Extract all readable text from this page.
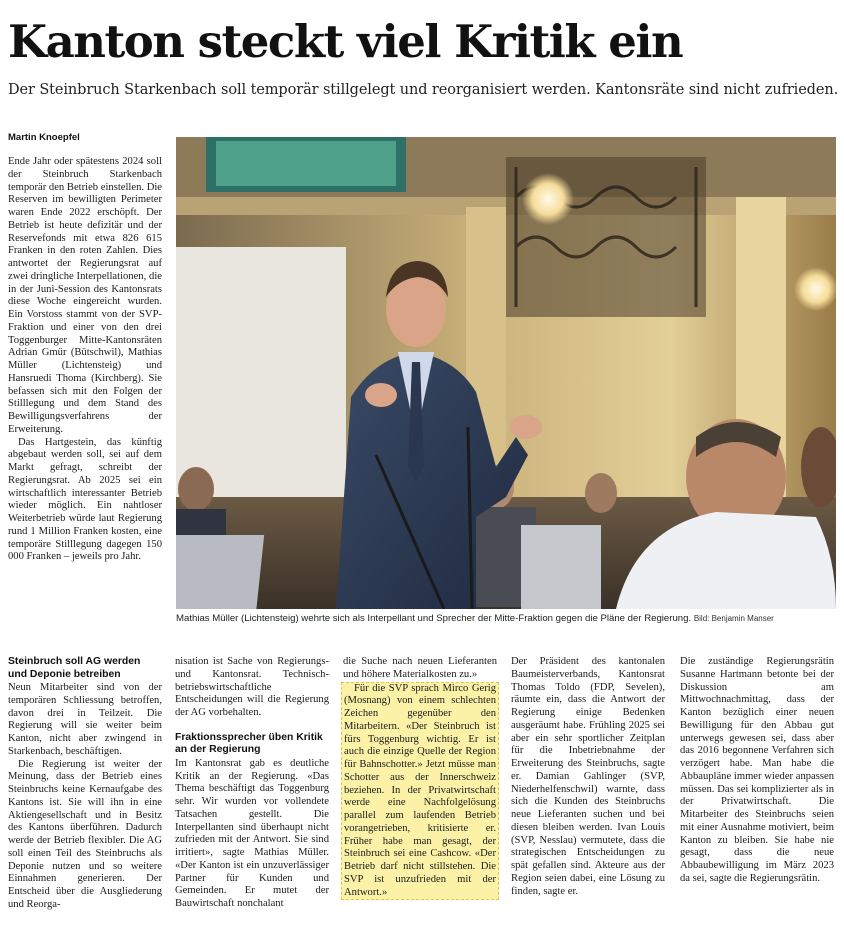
Kanton steckt viel Kritik ein

Der Steinbruch Starkenbach soll temporär stillgelegt und reorganisiert werden. Kantonsräte sind nicht zufrieden.

Martin Knoepfel

Ende Jahr oder spätestens 2024 soll der Steinbruch Starkenbach temporär den Betrieb einstellen. Die Reserven im bewilligten Perimeter waren Ende 2022 erschöpft. Der Betrieb ist heute defizitär und der Reservefonds mit etwa 826 615 Franken in den roten Zahlen. Dies antwortet der Regierungsrat auf zwei dringliche Interpellationen, die in der Juni-Session des Kantonsrats diese Woche eingereicht wurden. Ein Vorstoss stammt von der SVP-Fraktion und einer von den drei Toggenburger Mitte-Kantonsräten Adrian Gmür (Bütschwil), Mathias Müller (Lichtensteig) und Hansruedi Thoma (Kirchberg). Sie befassen sich mit den Folgen der Stilllegung und dem Stand des Bewilligungsverfahrens der Erweiterung.

Das Hartgestein, das künftig abgebaut werden soll, sei auf dem Markt gefragt, schreibt der Regierungsrat. Ab 2025 sei ein wirtschaftlich interessanter Betrieb wieder möglich. Ein nahtloser Weiterbetrieb würde laut Regierung rund 1 Million Franken kosten, eine temporäre Stilllegung dagegen 150 000 Franken – jeweils pro Jahr.

Steinbruch soll AG werden und Deponie betreiben

Neun Mitarbeiter sind von der temporären Schliessung betroffen, davon drei in Teilzeit. Die Regierung will sie weiter beim Kanton, nicht aber zwingend in Starkenbach, beschäftigen.

Die Regierung ist weiter der Meinung, dass der Betrieb eines Steinbruchs keine Kernaufgabe des Kantons ist. Sie will ihn in eine Aktiengesellschaft und in Besitz des Kantons überführen. Dadurch werde der Betrieb flexibler. Die AG soll einen Teil des Steinbruchs als Deponie nutzen und so weitere Einnahmen generieren. Der Entscheid über die Ausgliederung und Reorga-

nisation ist Sache von Regierungs- und Kantonsrat. Technisch-betriebswirtschaftliche Entscheidungen will die Regierung der AG vorbehalten.

Fraktionssprecher üben Kritik an der Regierung

Im Kantonsrat gab es deutliche Kritik an der Regierung. «Das Thema beschäftigt das Toggenburg sehr. Wir wurden vor vollendete Tatsachen gestellt. Die Interpellanten sind überhaupt nicht zufrieden mit der Antwort. Sie sind irritiert», sagte Mathias Müller. «Der Kanton ist ein unzuverlässiger Partner für Kunden und Gemeinden. Er mutet der Bauwirtschaft nonchalant

die Suche nach neuen Lieferanten und höhere Materialkosten zu.»

Für die SVP sprach Mirco Gerig (Mosnang) von einem schlechten Zeichen gegenüber den Mitarbeitern. «Der Steinbruch ist fürs Toggenburg wichtig. Er ist auch die einzige Quelle der Region für Bahnschotter.» Jetzt müsse man Schotter aus der Innerschweiz beziehen. In der Privatwirtschaft werde eine Nachfolgelösung parallel zum laufenden Betrieb vorangetrieben, kritisierte er. Früher habe man gesagt, der Steinbruch sei eine Cashcow. «Der Betrieb darf nicht stillstehen. Die SVP ist unzufrieden mit der Antwort.»

Der Präsident des kantonalen Baumeisterverbands, Kantonsrat Thomas Toldo (FDP, Sevelen), räumte ein, dass die Antwort der Regierung einige Bedenken ausgeräumt habe. Frühling 2025 sei aber ein sehr sportlicher Zeitplan für die Inbetriebnahme der Erweiterung des Steinbruchs, sagte er. Damian Gahlinger (SVP, Niederhelfenschwil) warnte, dass sich die Kunden des Steinbruchs neue Lieferanten suchen und bei diesen bleiben werden. Ivan Louis (SVP, Nesslau) vermutete, dass die strategischen Entscheidungen zu spät gefallen sind. Akteure aus der Region seien dabei, eine Lösung zu finden, sagte er.

Die zuständige Regierungsrätin Susanne Hartmann betonte bei der Diskussion am Mittwochnachmittag, dass der Kanton bezüglich einer neuen Bewilligung für den Abbau gut unterwegs gewesen sei, dass aber das 2016 begonnene Verfahren sich verzögert habe. Man habe die Abbaupläne immer wieder anpassen müssen. Das sei komplizierter als in der Privatwirtschaft. Die Mitarbeiter des Steinbruchs seien mit einer Ausnahme motiviert, beim Kanton zu bleiben. Sie habe nie gesagt, dass die neue Abbaubewilligung im März 2023 da sei, sagte die Regierungsrätin.

Mathias Müller (Lichtensteig) wehrte sich als Interpellant und Sprecher der Mitte-Fraktion gegen die Pläne der Regierung. Bild: Benjamin Manser
